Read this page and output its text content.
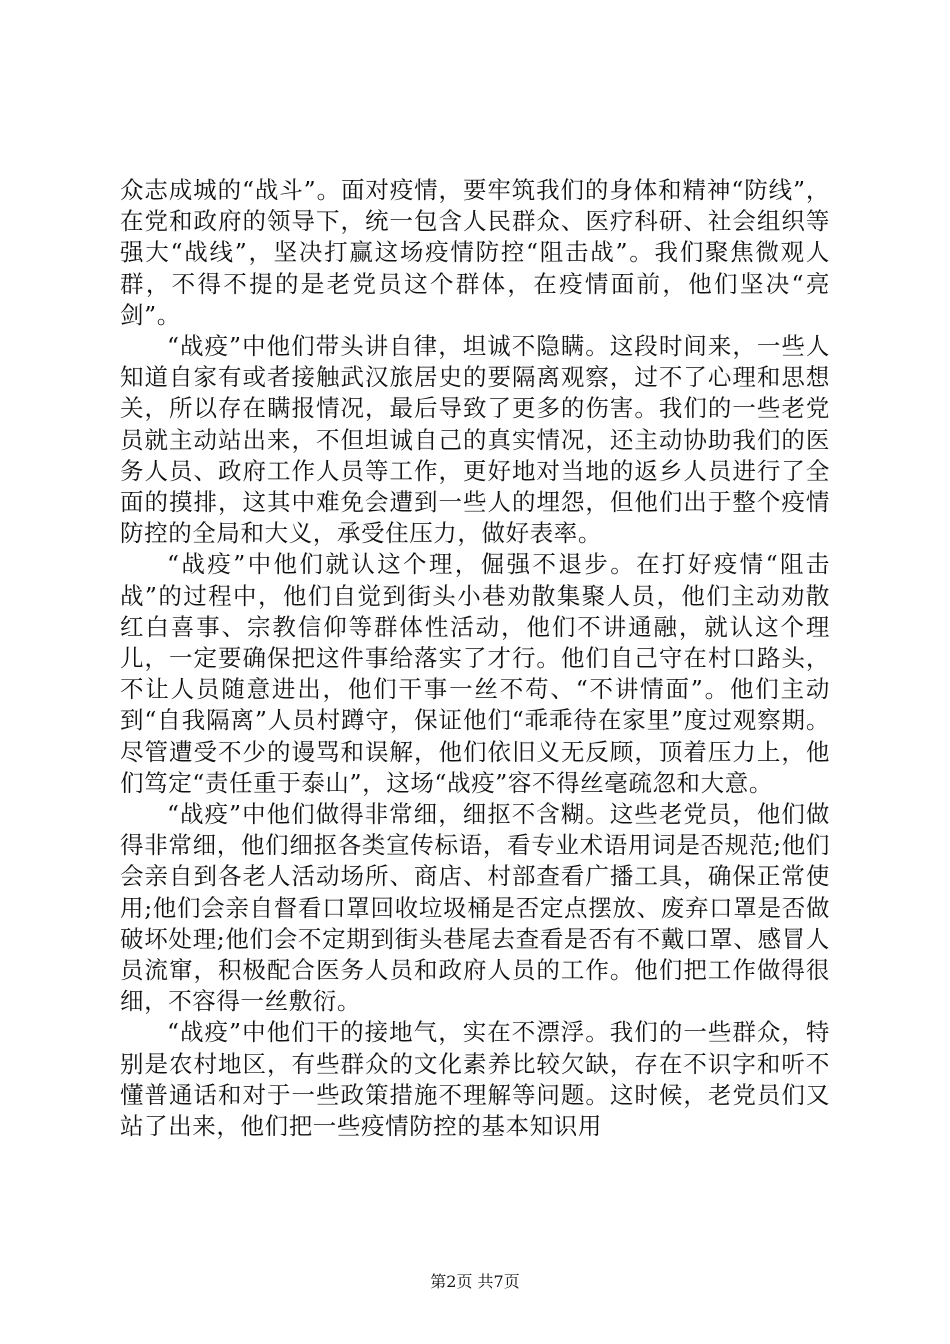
众志成城的“战斗”。面对疫情，要牢筑我们的身体和精神“防线”，在党和政府的领导下，统一包含人民群众、医疗科研、社会组织等强大“战线”，坚决打赢这场疫情防控“阻击战”。我们聚焦微观人群，不得不提的是老党员这个群体，在疫情面前，他们坚决“亮剑”。

“战疫”中他们带头讲自律，坦诚不隐瞒。这段时间来，一些人知道自家有或者接触武汉旅居史的要隔离观察，过不了心理和思想关，所以存在瞒报情况，最后导致了更多的伤害。我们的一些老党员就主动站出来，不但坦诚自己的真实情况，还主动协助我们的医务人员、政府工作人员等工作，更好地对当地的返乡人员进行了全面的摸排，这其中难免会遭到一些人的埋怨，但他们出于整个疫情防控的全局和大义，承受住压力，做好表率。

“战疫”中他们就认这个理，倔强不退步。在打好疫情“阻击战”的过程中，他们自觉到街头小巷劝散集聚人员，他们主动劝散红白喜事、宗教信仰等群体性活动，他们不讲通融，就认这个理儿，一定要确保把这件事给落实了才行。他们自己守在村口路头，不让人员随意进出，他们干事一丝不苟、“不讲情面”。他们主动到“自我隔离”人员村蹲守，保证他们“乖乖待在家里”度过观察期。尽管遭受不少的谩骂和误解，他们依旧义无反顾，顶着压力上，他们笃定“责任重于泰山”，这场“战疫”容不得丝毫疏忽和大意。

“战疫”中他们做得非常细，细抠不含糊。这些老党员，他们做得非常细，他们细抠各类宣传标语，看专业术语用词是否规范;他们会亲自到各老人活动场所、商店、村部查看广播工具，确保正常使用;他们会亲自督看口罩回收垃圾桶是否定点摆放、废弃口罩是否做破坏处理;他们会不定期到街头巷尾去查看是否有不戴口罩、感冒人员流窜，积极配合医务人员和政府人员的工作。他们把工作做得很细，不容得一丝敷衍。

“战疫”中他们干的接地气，实在不漂浮。我们的一些群众，特别是农村地区，有些群众的文化素养比较欠缺，存在不识字和听不懂普通话和对于一些政策措施不理解等问题。这时候，老党员们又站了出来，他们把一些疫情防控的基本知识用

第2页 共7页
